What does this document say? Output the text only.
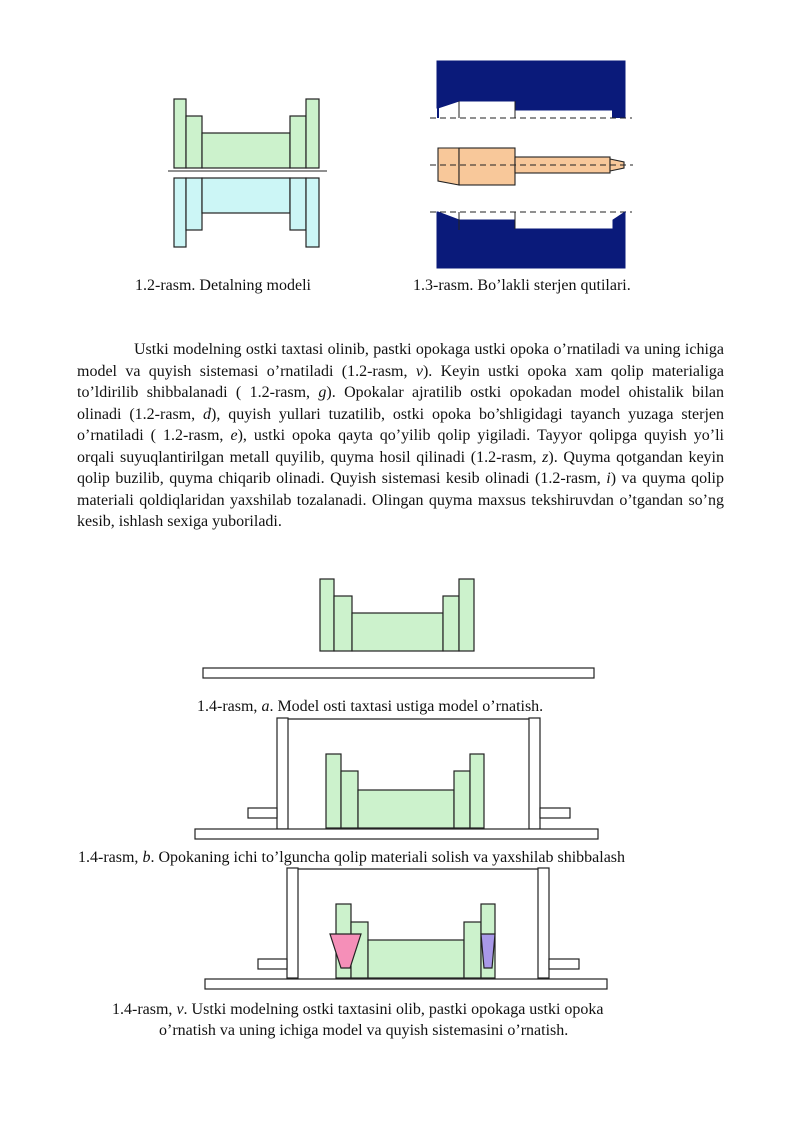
1.2-rasm. Detalning modeli	1.3-rasm. Bo’lakli sterjen qutilari.

Ustki modelning ostki taxtasi olinib, pastki opokaga ustki opoka o’rnatiladi va uning ichiga model va quyish sistemasi o’rnatiladi (1.2-rasm, v). Keyin ustki opoka xam qolip materialiga to’ldirilib shibbalanadi ( 1.2-rasm, g). Opokalar ajratilib ostki opokadan model ohistalik bilan olinadi (1.2-rasm, d), quyish yullari tuzatilib, ostki opoka bo’shligidagi tayanch yuzaga sterjen o’rnatiladi ( 1.2-rasm, e), ustki opoka qayta qo’yilib qolip yigiladi. Tayyor qolipga quyish yo’li orqali suyuqlantirilgan metall quyilib, quyma hosil qilinadi (1.2-rasm, z). Quyma qotgandan keyin qolip buzilib, quyma chiqarib olinadi. Quyish sistemasi kesib olinadi (1.2-rasm, i) va quyma qolip materiali qoldiqlaridan yaxshilab tozalanadi. Olingan quyma maxsus tekshiruvdan o’tgandan so’ng kesib, ishlash sexiga yuboriladi.

1.4-rasm, a. Model osti taxtasi ustiga model o’rnatish.
1.4-rasm, b. Opokaning ichi to’lguncha qolip materiali solish va yaxshilab shibbalash
1.4-rasm, v. Ustki modelning ostki taxtasini olib, pastki opokaga ustki opoka
o’rnatish va uning ichiga model va quyish sistemasini o’rnatish.
